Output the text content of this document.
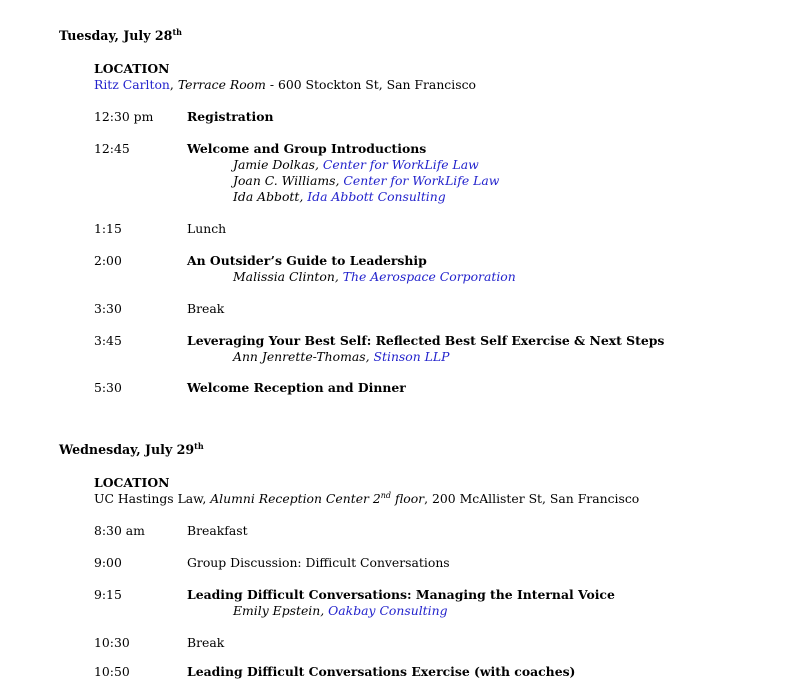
Tuesday, July 28th
LOCATION
Ritz Carlton, Terrace Room - 600 Stockton St, San Francisco
12:30 pm	Registration
12:45	Welcome and Group Introductions
Jamie Dolkas, Center for WorkLife Law
Joan C. Williams, Center for WorkLife Law
Ida Abbott, Ida Abbott Consulting
1:15	Lunch
2:00	An Outsider’s Guide to Leadership
Malissia Clinton, The Aerospace Corporation
3:30	Break
3:45	Leveraging Your Best Self: Reflected Best Self Exercise & Next Steps
Ann Jenrette-Thomas, Stinson LLP
5:30	Welcome Reception and Dinner
Wednesday, July 29th
LOCATION
UC Hastings Law, Alumni Reception Center 2nd floor, 200 McAllister St, San Francisco
8:30 am	Breakfast
9:00	Group Discussion: Difficult Conversations
9:15	Leading Difficult Conversations: Managing the Internal Voice
Emily Epstein, Oakbay Consulting
10:30	Break
10:50	Leading Difficult Conversations Exercise (with coaches)
